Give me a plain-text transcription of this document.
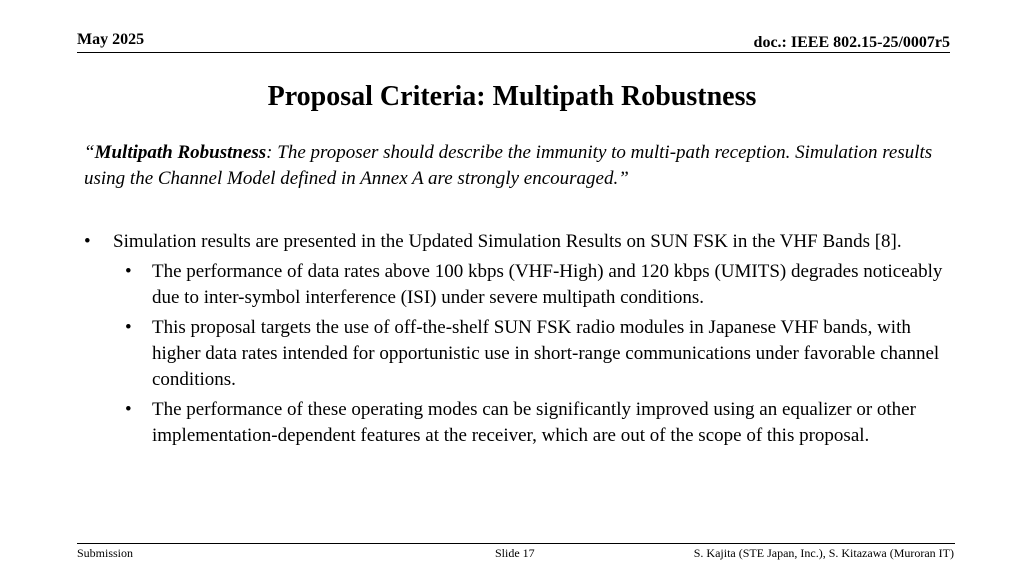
May 2025	doc.: IEEE 802.15-25/0007r5
Proposal Criteria: Multipath Robustness
“Multipath Robustness: The proposer should describe the immunity to multi-path reception. Simulation results using the Channel Model defined in Annex A are strongly encouraged.”
• Simulation results are presented in the Updated Simulation Results on SUN FSK in the VHF Bands [8].
• The performance of data rates above 100 kbps (VHF-High) and 120 kbps (UMITS) degrades noticeably due to inter-symbol interference (ISI) under severe multipath conditions.
• This proposal targets the use of off-the-shelf SUN FSK radio modules in Japanese VHF bands, with higher data rates intended for opportunistic use in short-range communications under favorable channel conditions.
• The performance of these operating modes can be significantly improved using an equalizer or other implementation-dependent features at the receiver, which are out of the scope of this proposal.
Submission	Slide 17	S. Kajita (STE Japan, Inc.), S. Kitazawa (Muroran IT)
